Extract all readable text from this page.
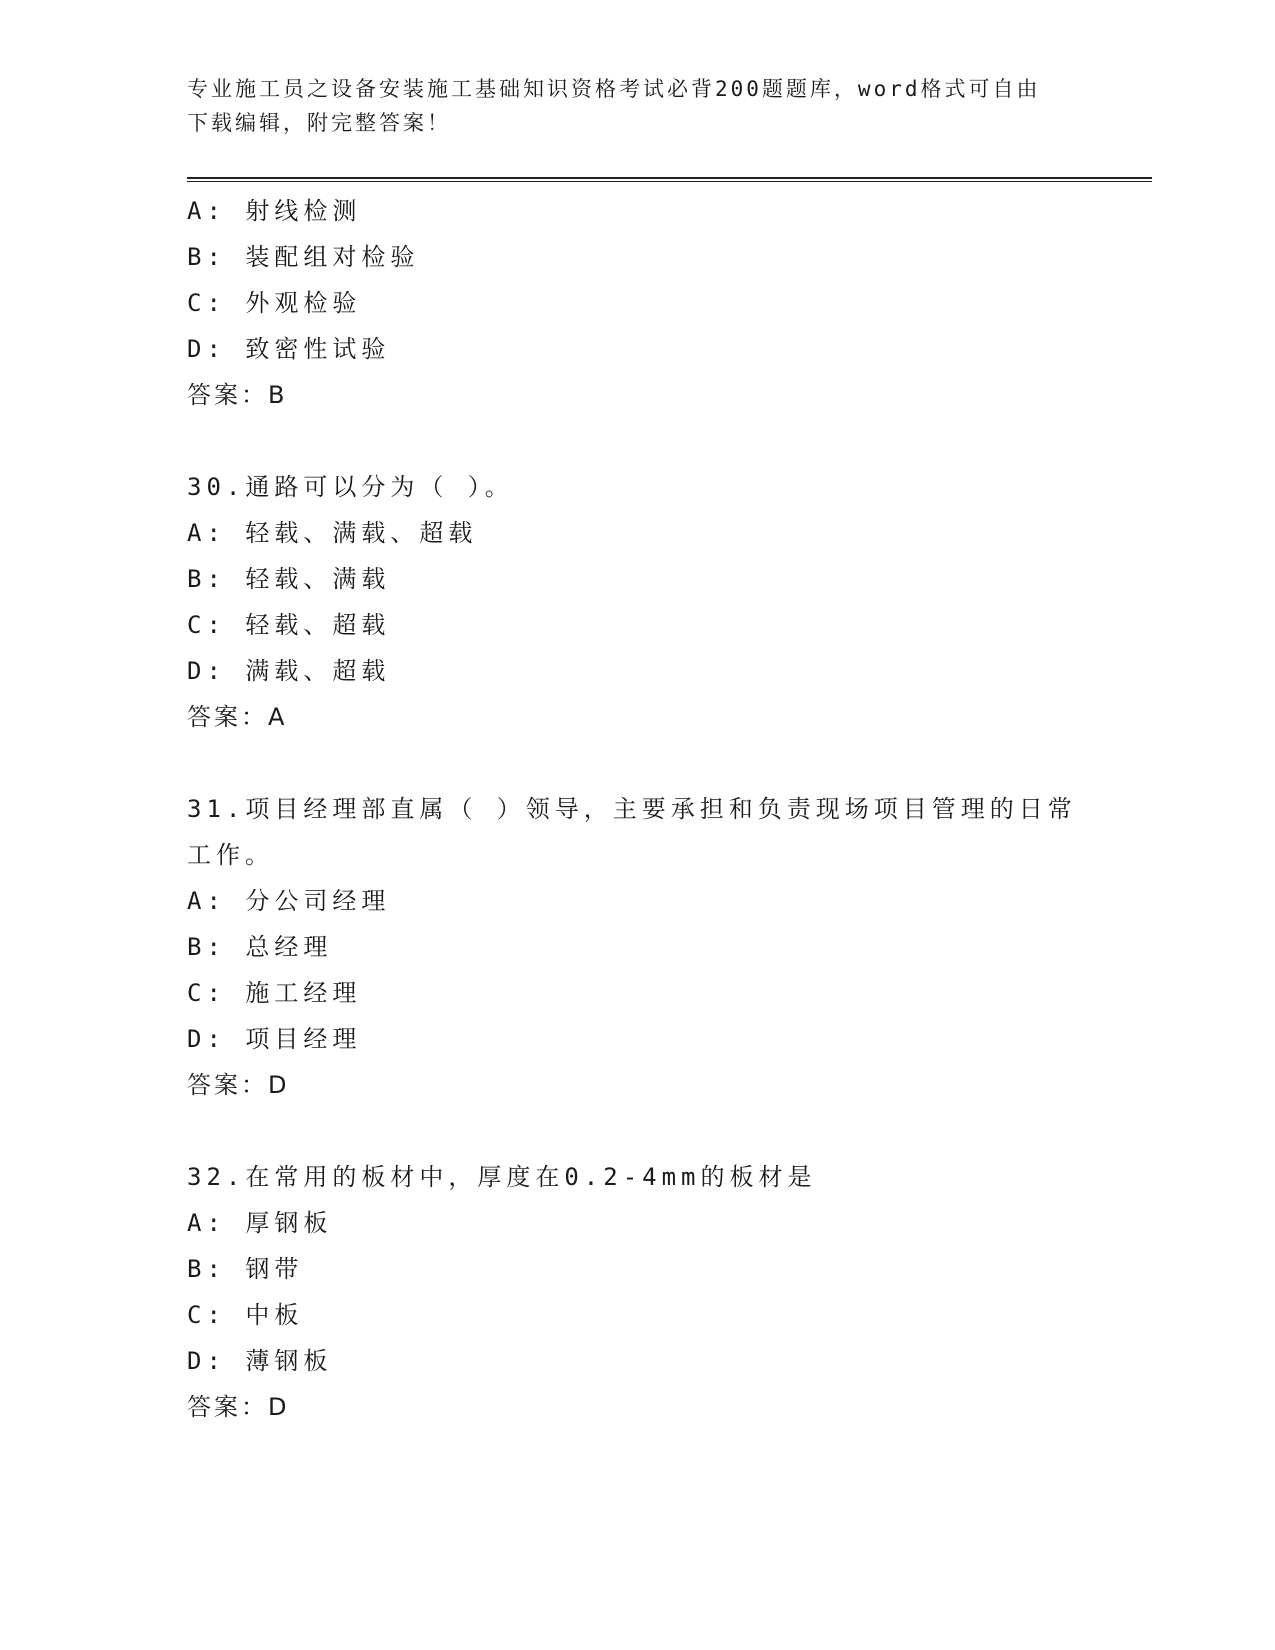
专业施工员之设备安装施工基础知识资格考试必背200题题库，word格式可自由
下载编辑，附完整答案！
A: 射线检测
B: 装配组对检验
C: 外观检验
D: 致密性试验
答案：B
30.通路可以分为（ ）。
A: 轻载、满载、超载
B: 轻载、满载
C: 轻载、超载
D: 满载、超载
答案：A
31.项目经理部直属（ ）领导，主要承担和负责现场项目管理的日常
工作。
A: 分公司经理
B: 总经理
C: 施工经理
D: 项目经理
答案：D
32.在常用的板材中，厚度在0.2-4mm的板材是
A: 厚钢板
B: 钢带
C: 中板
D: 薄钢板
答案：D
